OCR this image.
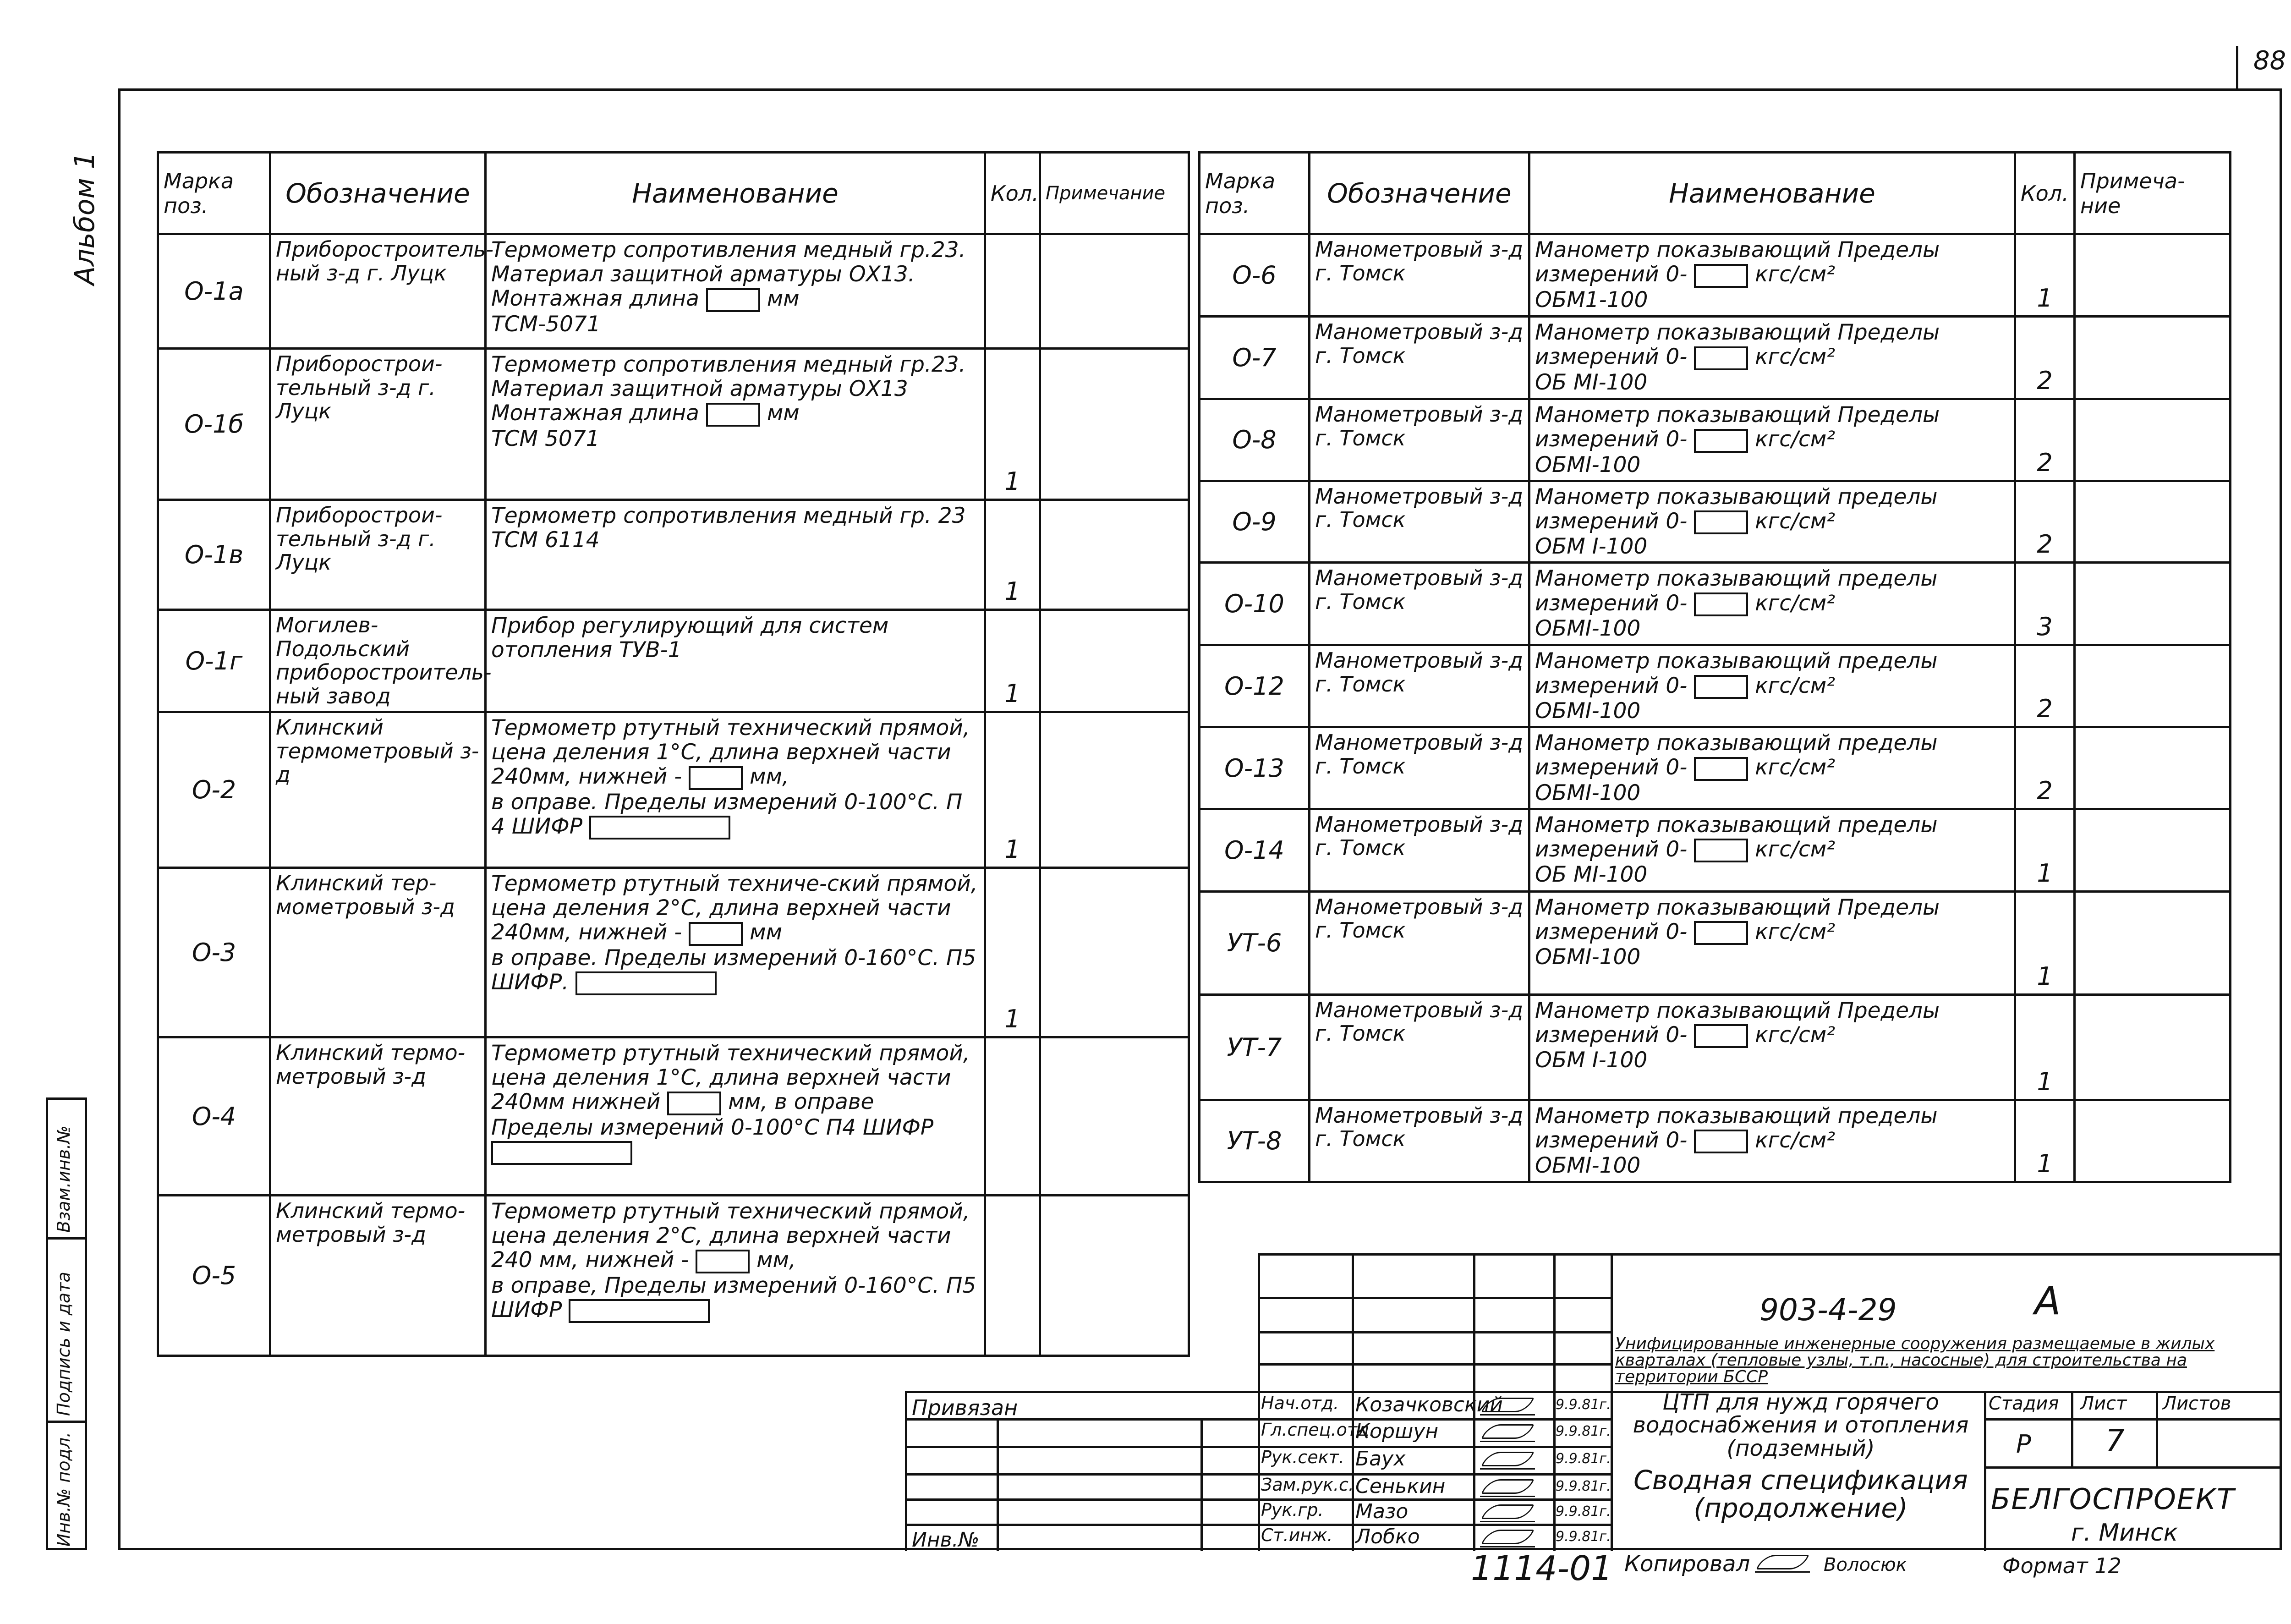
88
Альбом 1
Взам.инв.№
Подпись и дата
Инв.№ подл.
Марка поз.	Обозначение	Наименование	Кол.	Примечание
О-1а	Приборостроитель-ный з-д г. Луцк	Термометр сопротивления медный гр.23. Материал защитной арматуры ОХ13. Монтажная длина мм
ТСМ-5071		
О-1б	Приборострои-тельный з-д г. Луцк	Термометр сопротивления медный гр.23. Материал защитной арматуры ОХ13 Монтажная длина мм
ТСМ 5071	1	
О-1в	Приборострои-тельный з-д г. Луцк	Термометр сопротивления медный гр. 23
ТСМ 6114	1	
О-1г	Могилев-Подольский приборостроитель-ный завод	Прибор регулирующий для систем отопления ТУВ-1	1	
О-2	Клинский термометровый з-д	Термометр ртутный технический прямой, цена деления 1°С, длина верхней части 240мм, нижней - мм,
в оправе. Пределы измерений 0-100°С. П 4 ШИФР	1	
О-3	Клинский тер-мометровый з-д	Термометр ртутный техниче-ский прямой, цена деления 2°С, длина верхней части 240мм, нижней - мм
в оправе. Пределы измерений 0-160°С. П5 ШИФР.	1	
О-4	Клинский термо-метровый з-д	Термометр ртутный технический прямой, цена деления 1°С, длина верхней части 240мм нижней мм, в оправе
Пределы измерений 0-100°С П4 ШИФР		
О-5	Клинский термо-метровый з-д	Термометр ртутный технический прямой, цена деления 2°С, длина верхней части 240 мм, нижней - мм,
в оправе, Пределы измерений 0-160°С. П5 ШИФР		
Марка поз.	Обозначение	Наименование	Кол.	Примеча-ние
О-6	Манометровый з-д г. Томск	Манометр показывающий Пределы измерений 0- кгс/см²
ОБМ1-100	1	
О-7	Манометровый з-д г. Томск	Манометр показывающий Пределы измерений 0- кгс/см²
ОБ МI-100	2	
О-8	Манометровый з-д г. Томск	Манометр показывающий Пределы измерений 0- кгс/см²
ОБМI-100	2	
О-9	Манометровый з-д г. Томск	Манометр показывающий пределы измерений 0- кгс/см²
ОБМ I-100	2	
О-10	Манометровый з-д г. Томск	Манометр показывающий пределы измерений 0- кгс/см²
ОБМI-100	3	
О-12	Манометровый з-д г. Томск	Манометр показывающий пределы измерений 0- кгс/см²
ОБМI-100	2	
О-13	Манометровый з-д г. Томск	Манометр показывающий пределы измерений 0- кгс/см²
ОБМI-100	2	
О-14	Манометровый з-д г. Томск	Манометр показывающий пределы измерений 0- кгс/см²
ОБ МI-100	1	
УТ-6	Манометровый з-д г. Томск	Манометр показывающий Пределы измерений 0- кгс/см²
ОБМI-100	1	
УТ-7	Манометровый з-д г. Томск	Манометр показывающий Пределы измерений 0- кгс/см²
ОБМ I-100	1	
УТ-8	Манометровый з-д г. Томск	Манометр показывающий пределы измерений 0- кгс/см²
ОБМI-100	1	
903-4-29	А
Унифицированные инженерные сооружения размещаемые в жилых кварталах (тепловые узлы, т.п., насосные) для строительства на территории БССР
Привязан
Инв.№
Нач.отд. Козачковский	9.9.81г.
Гл.спец.отд.
Коршун	9.9.81г.
Рук.сект. Баух	9.9.81г.
Зам.рук.с. Сенькин	9.9.81г.
Рук.гр. Мазо	9.9.81г.
Ст.инж. Лобко	9.9.81г.
ЦТП для нужд горячего водоснабжения и отопления (подземный)
Сводная спецификация (продолжение)
Стадия Лист Листов
Р 7
БЕЛГОСПРОЕКТ
г. Минск
1114-01 Копировал	Волосюк	Формат 12
